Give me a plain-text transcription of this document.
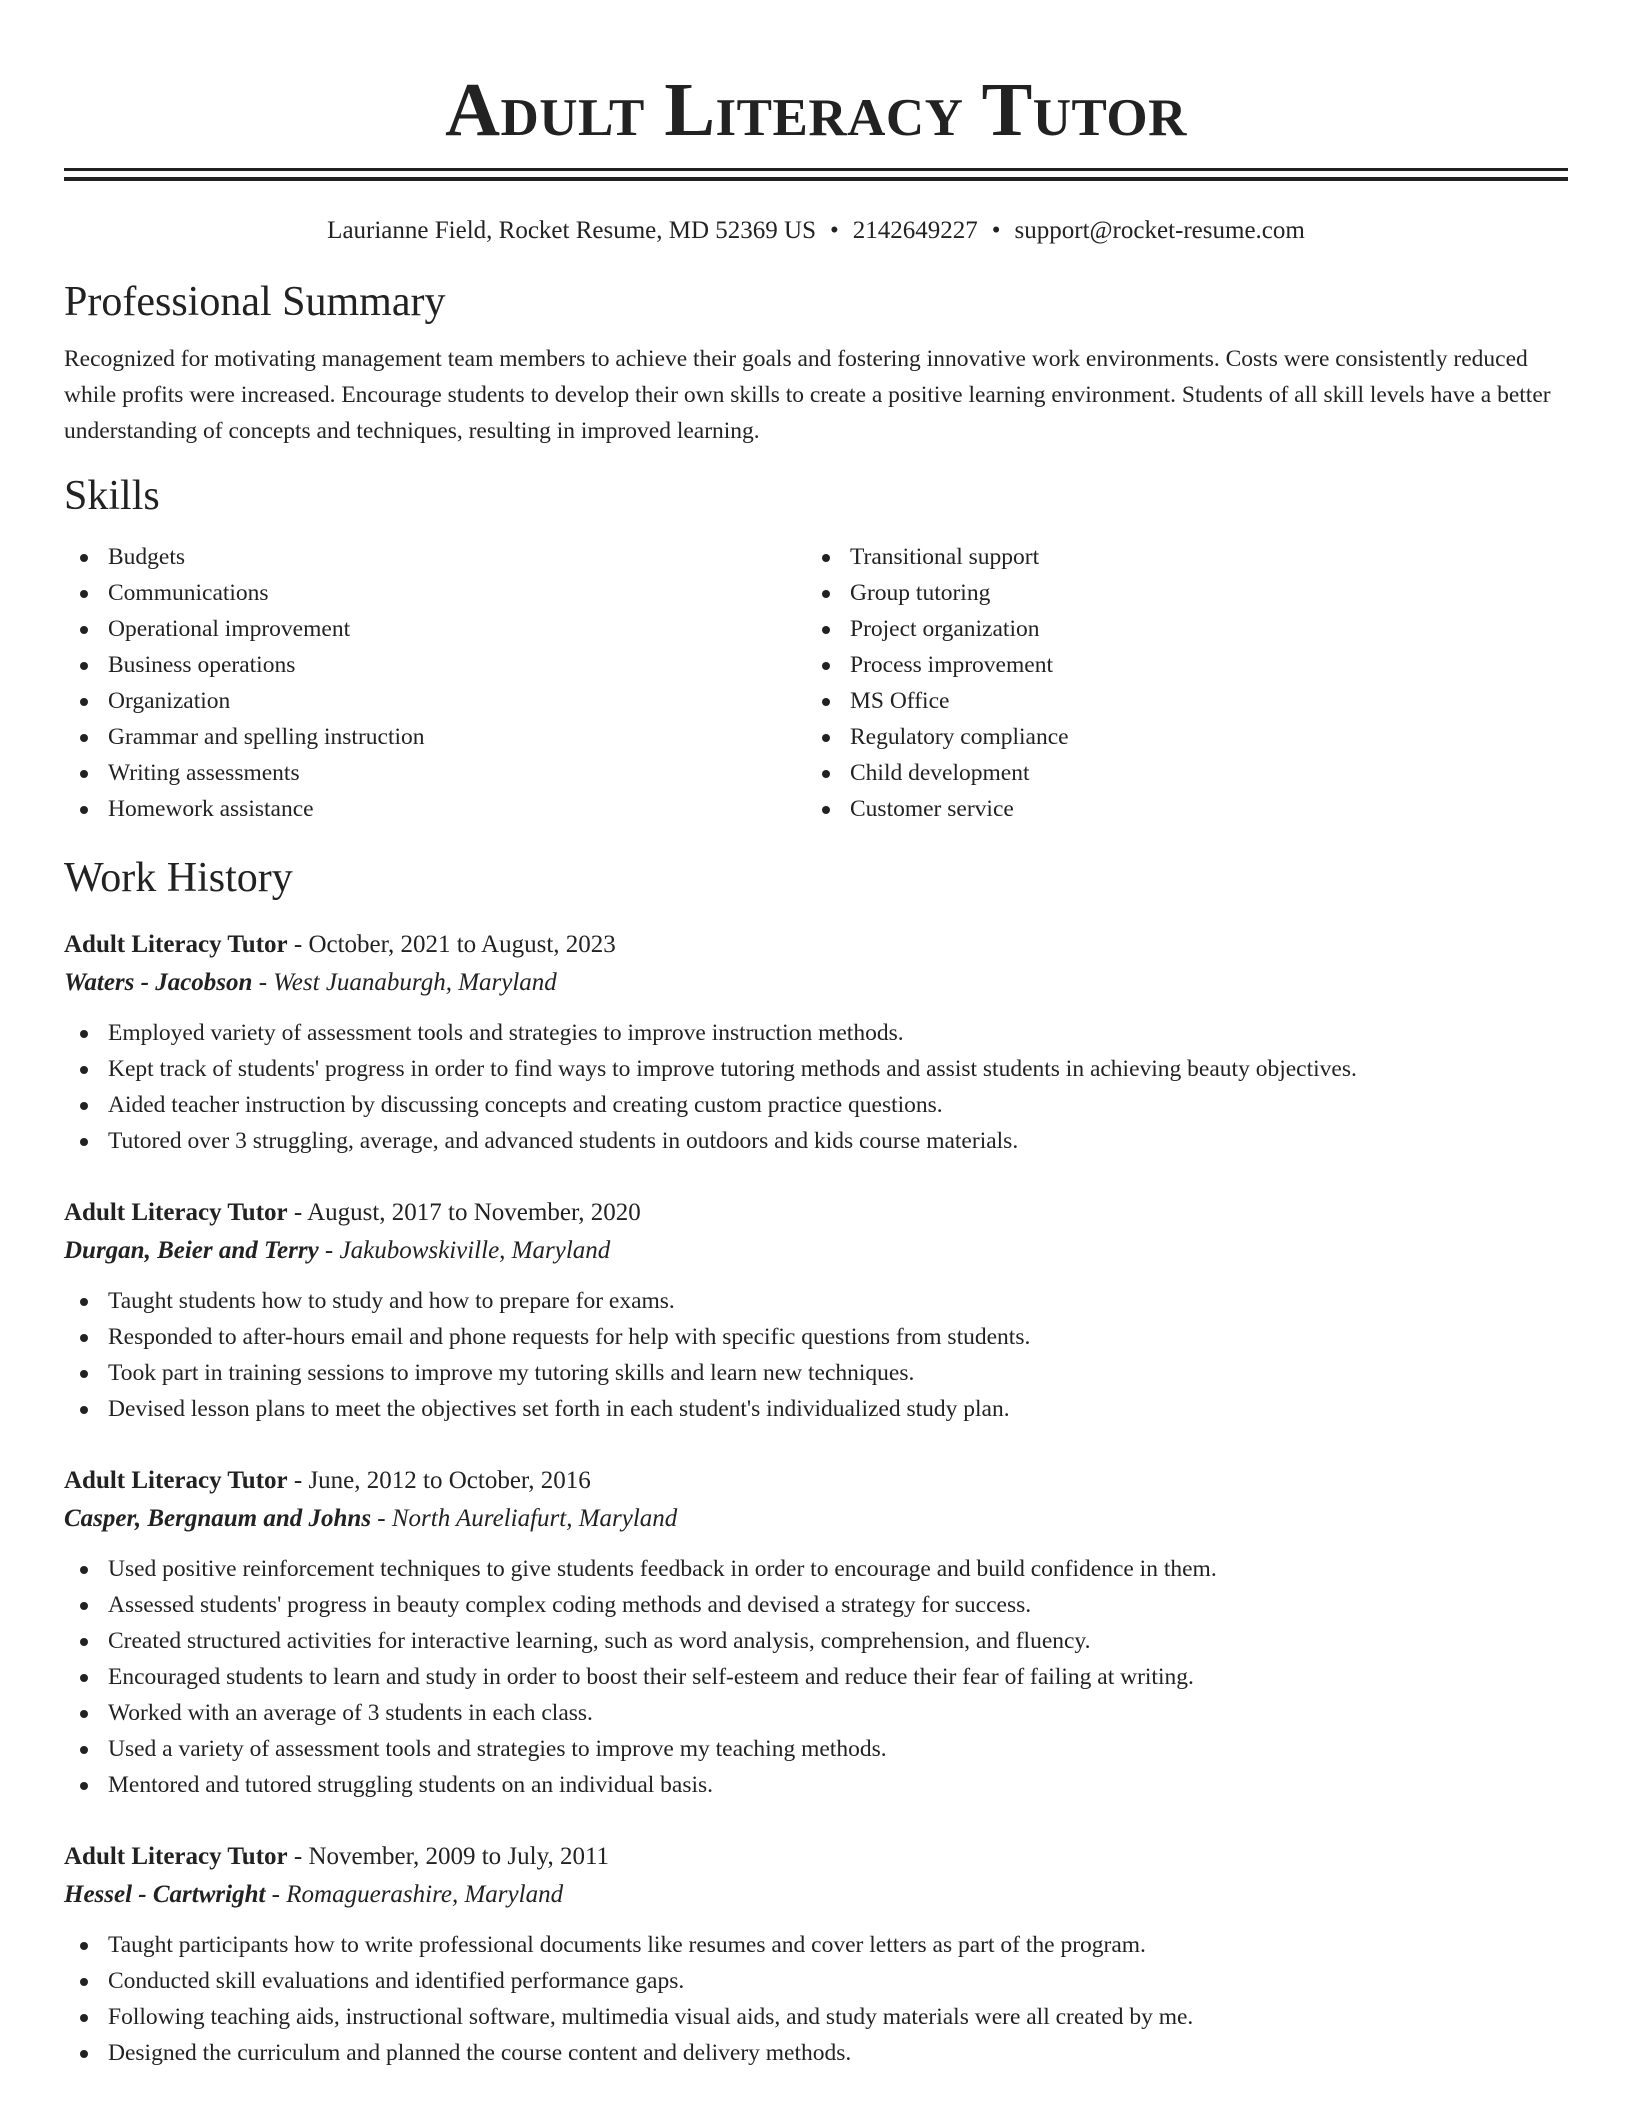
Adult Literacy Tutor
Laurianne Field, Rocket Resume, MD 52369 US • 2142649227 • support@rocket-resume.com
Professional Summary
Recognized for motivating management team members to achieve their goals and fostering innovative work environments. Costs were consistently reduced while profits were increased. Encourage students to develop their own skills to create a positive learning environment. Students of all skill levels have a better understanding of concepts and techniques, resulting in improved learning.
Skills
Budgets
Communications
Operational improvement
Business operations
Organization
Grammar and spelling instruction
Writing assessments
Homework assistance
Transitional support
Group tutoring
Project organization
Process improvement
MS Office
Regulatory compliance
Child development
Customer service
Work History
Adult Literacy Tutor - October, 2021 to August, 2023
Waters - Jacobson - West Juanaburgh, Maryland
Employed variety of assessment tools and strategies to improve instruction methods.
Kept track of students' progress in order to find ways to improve tutoring methods and assist students in achieving beauty objectives.
Aided teacher instruction by discussing concepts and creating custom practice questions.
Tutored over 3 struggling, average, and advanced students in outdoors and kids course materials.
Adult Literacy Tutor - August, 2017 to November, 2020
Durgan, Beier and Terry - Jakubowskiville, Maryland
Taught students how to study and how to prepare for exams.
Responded to after-hours email and phone requests for help with specific questions from students.
Took part in training sessions to improve my tutoring skills and learn new techniques.
Devised lesson plans to meet the objectives set forth in each student's individualized study plan.
Adult Literacy Tutor - June, 2012 to October, 2016
Casper, Bergnaum and Johns - North Aureliafurt, Maryland
Used positive reinforcement techniques to give students feedback in order to encourage and build confidence in them.
Assessed students' progress in beauty complex coding methods and devised a strategy for success.
Created structured activities for interactive learning, such as word analysis, comprehension, and fluency.
Encouraged students to learn and study in order to boost their self-esteem and reduce their fear of failing at writing.
Worked with an average of 3 students in each class.
Used a variety of assessment tools and strategies to improve my teaching methods.
Mentored and tutored struggling students on an individual basis.
Adult Literacy Tutor - November, 2009 to July, 2011
Hessel - Cartwright - Romaguerashire, Maryland
Taught participants how to write professional documents like resumes and cover letters as part of the program.
Conducted skill evaluations and identified performance gaps.
Following teaching aids, instructional software, multimedia visual aids, and study materials were all created by me.
Designed the curriculum and planned the course content and delivery methods.
